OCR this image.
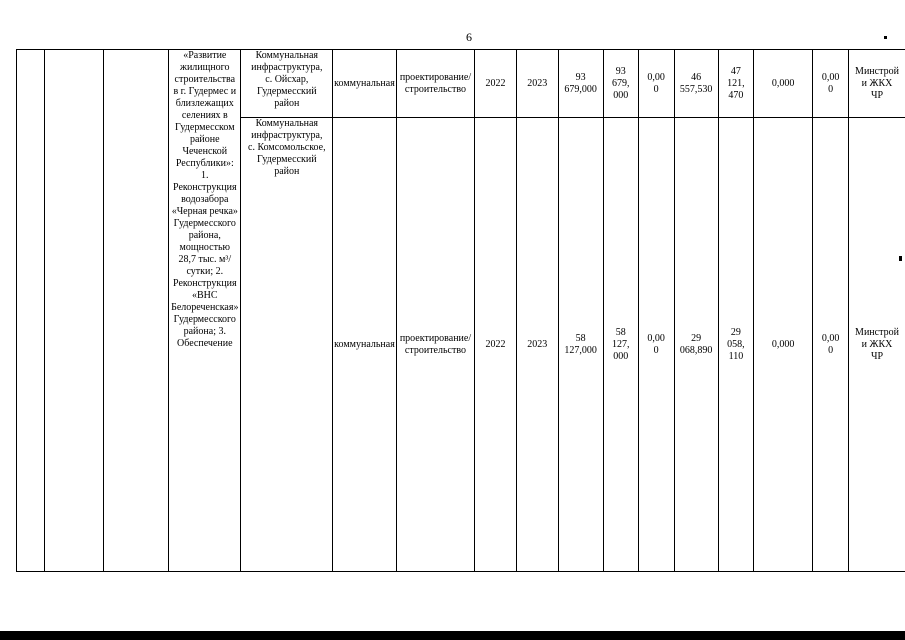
6
			«Развитие жилищного строительства в г. Гудермес и близлежащих селениях в Гудермесском районе Чеченской Республики»: 1. Реконструкция водозабора «Черная речка» Гудермесского района, мощностью 28,7 тыс. м³/сутки; 2. Реконструкция «ВНС Белореченская» Гудермесского района; 3. Обеспечение	Коммунальная инфраструктура, с. Ойсхар, Гудермесский район	коммунальная	проектирование/строительство	2022	2023	93 679,000	93 679, 000	0,00 0	46 557,530	47 121, 470	0,000	0,00 0	Минстрой и ЖКХ ЧР
				Коммунальная инфраструктура, с. Комсомольское, Гудермесский район	коммунальная	проектирование/строительство	2022	2023	58 127,000	58 127, 000	0,00 0	29 068,890	29 058, 110	0,000	0,00 0	Минстрой и ЖКХ ЧР
